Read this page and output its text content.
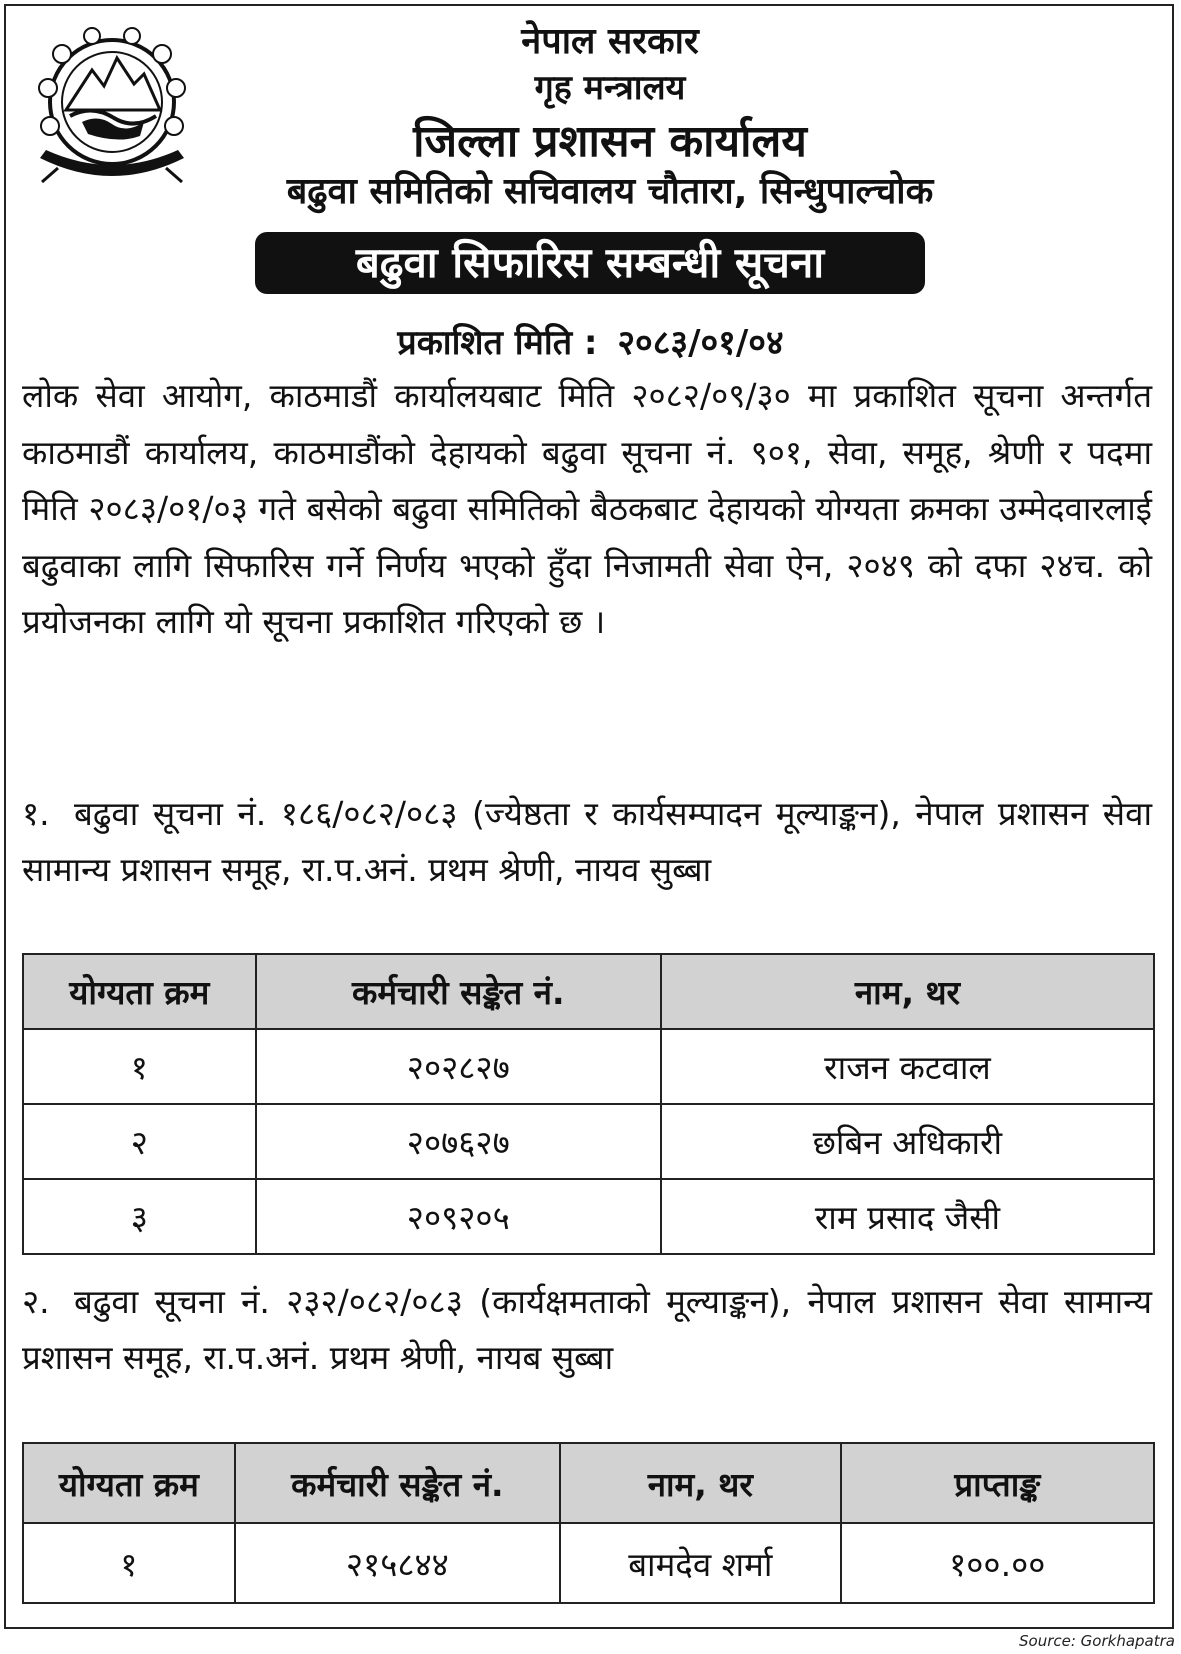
नेपाल सरकार
गृह मन्त्रालय
जिल्ला प्रशासन कार्यालय
बढुवा समितिको सचिवालय चौतारा, सिन्धुपाल्चोक
बढुवा सिफारिस सम्बन्धी सूचना
प्रकाशित मिति : २०८३/०१/०४
लोक सेवा आयोग, काठमाडौं कार्यालयबाट मिति २०८२/०९/३० मा प्रकाशित सूचना अन्तर्गत काठमाडौं कार्यालय, काठमाडौंको देहायको बढुवा सूचना नं. ९०१, सेवा, समूह, श्रेणी र पदमा मिति २०८३/०१/०३ गते बसेको बढुवा समितिको बैठकबाट देहायको योग्यता क्रमका उम्मेदवारलाई बढुवाका लागि सिफारिस गर्ने निर्णय भएको हुँदा निजामती सेवा ऐन, २०४९ को दफा २४च. को प्रयोजनका लागि यो सूचना प्रकाशित गरिएको छ ।
१. बढुवा सूचना नं. १८६/०८२/०८३ (ज्येष्ठता र कार्यसम्पादन मूल्याङ्कन), नेपाल प्रशासन सेवा सामान्य प्रशासन समूह, रा.प.अनं. प्रथम श्रेणी, नायव सुब्बा
योग्यता क्रम	कर्मचारी सङ्केत नं.	नाम, थर
१	२०२८२७	राजन कटवाल
२	२०७६२७	छबिन अधिकारी
३	२०९२०५	राम प्रसाद जैसी
२. बढुवा सूचना नं. २३२/०८२/०८३ (कार्यक्षमताको मूल्याङ्कन), नेपाल प्रशासन सेवा सामान्य प्रशासन समूह, रा.प.अनं. प्रथम श्रेणी, नायब सुब्बा
योग्यता क्रम	कर्मचारी सङ्केत नं.	नाम, थर	प्राप्ताङ्क
१	२१५८४४	बामदेव शर्मा	१००.००
Source: Gorkhapatra
